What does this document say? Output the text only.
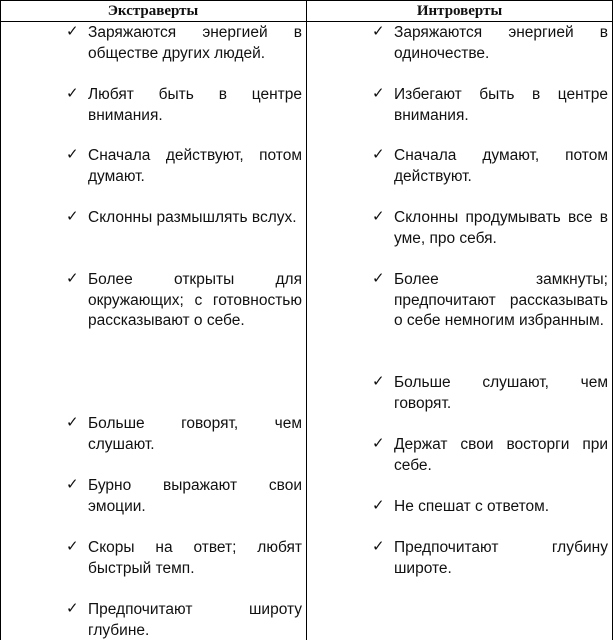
Экстраверты	Интроверты
✓ Заряжаются энергией в обществе других людей.
✓ Любят быть в центре внимания.
✓ Сначала действуют, потом думают.
✓ Склонны размышлять вслух.
✓ Более открыты для окружающих; с готовностью рассказывают о себе.
✓ Больше говорят, чем слушают.
✓ Бурно выражают свои эмоции.
✓ Скоры на ответ; любят быстрый темп.
✓ Предпочитают широту глубине.
✓ Заряжаются энергией в одиночестве.
✓ Избегают быть в центре внимания.
✓ Сначала думают, потом действуют.
✓ Склонны продумывать все в уме, про себя.
✓ Более замкнуты; предпочитают рассказывать о себе немногим избранным.
✓ Больше слушают, чем говорят.
✓ Держат свои восторги при себе.
✓ Не спешат с ответом.
✓ Предпочитают глубину широте.
